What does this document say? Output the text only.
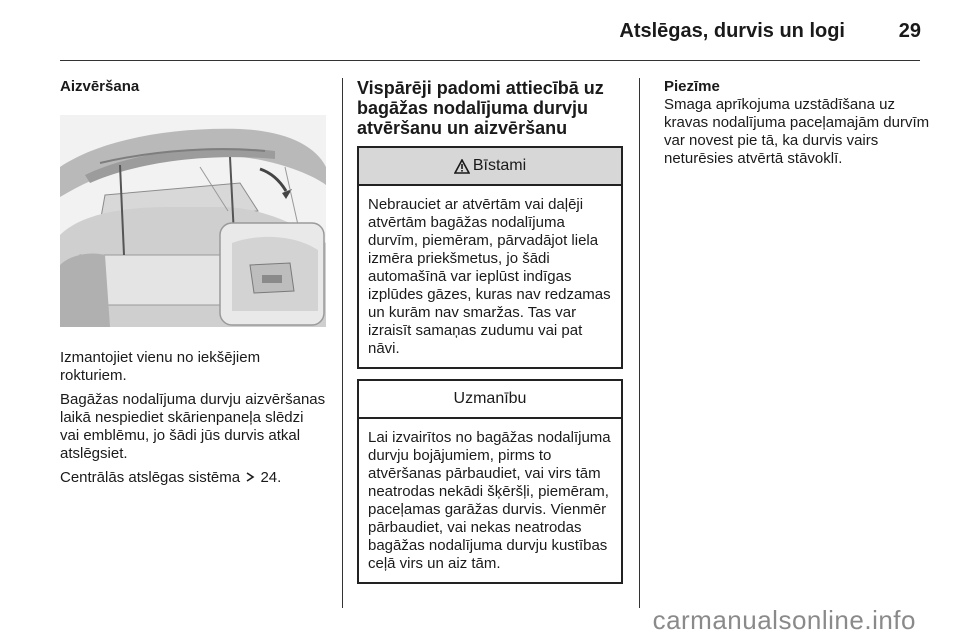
Atslēgas, durvis un logi	29

Aizvēršana

Izmantojiet vienu no iekšējiem rokturiem.

Bagāžas nodalījuma durvju aizvēršanas laikā nespiediet skārienpaneļa slēdzi vai emblēmu, jo šādi jūs durvis atkal atslēgsiet.

Centrālās atslēgas sistēma 24.

Vispārēji padomi attiecībā uz bagāžas nodalījuma durvju atvēršanu un aizvēršanu

Bīstami
Nebrauciet ar atvērtām vai daļēji atvērtām bagāžas nodalījuma durvīm, piemēram, pārvadājot liela izmēra priekšmetus, jo šādi automašīnā var ieplūst indīgas izplūdes gāzes, kuras nav redzamas un kurām nav smaržas. Tas var izraisīt samaņas zudumu vai pat nāvi.
Uzmanību
Lai izvairītos no bagāžas nodalījuma durvju bojājumiem, pirms to atvēršanas pārbaudiet, vai virs tām neatrodas nekādi šķēršļi, piemēram, paceļamas garāžas durvis. Vienmēr pārbaudiet, vai nekas neatrodas bagāžas nodalījuma durvju kustības ceļā virs un aiz tām.

Piezīme

Smaga aprīkojuma uzstādīšana uz kravas nodalījuma paceļamajām durvīm var novest pie tā, ka durvis vairs neturēsies atvērtā stāvoklī.

carmanualsonline.info
